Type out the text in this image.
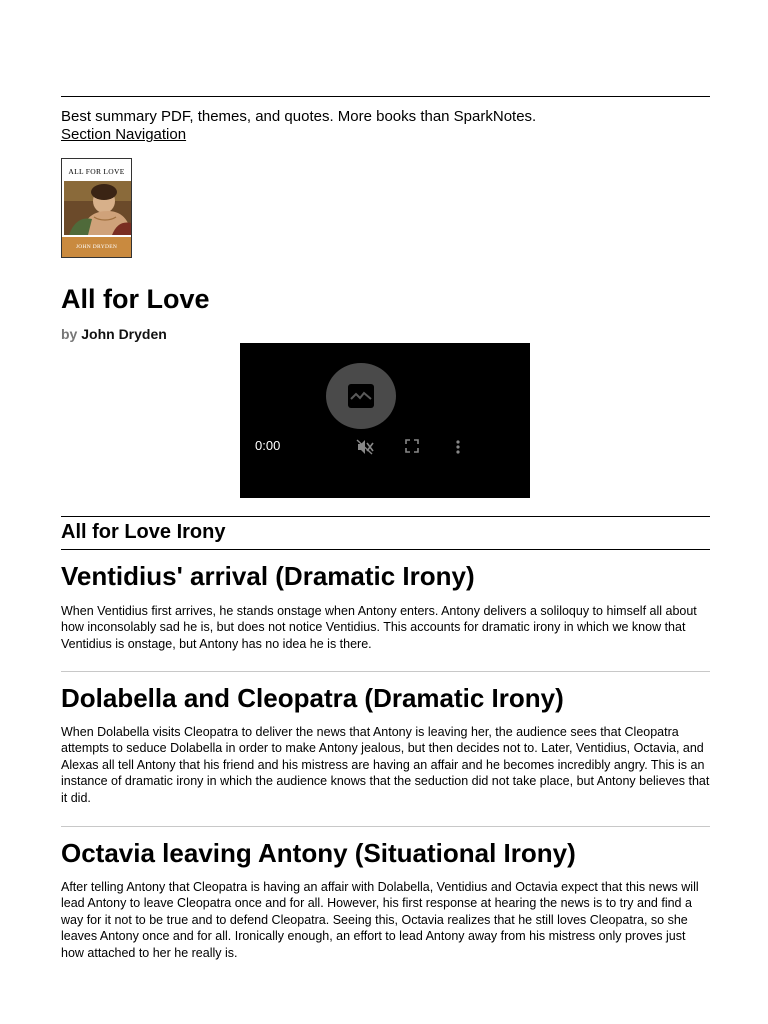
Best summary PDF, themes, and quotes. More books than SparkNotes.
Section Navigation
ALL FOR LOVE
JOHN DRYDEN
All for Love
by John Dryden
0:00
All for Love Irony
Ventidius' arrival (Dramatic Irony)

When Ventidius first arrives, he stands onstage when Antony enters. Antony delivers a soliloquy to himself all about how inconsolably sad he is, but does not notice Ventidius. This accounts for dramatic irony in which we know that Ventidius is onstage, but Antony has no idea he is there.

Dolabella and Cleopatra (Dramatic Irony)

When Dolabella visits Cleopatra to deliver the news that Antony is leaving her, the audience sees that Cleopatra attempts to seduce Dolabella in order to make Antony jealous, but then decides not to. Later, Ventidius, Octavia, and Alexas all tell Antony that his friend and his mistress are having an affair and he becomes incredibly angry. This is an instance of dramatic irony in which the audience knows that the seduction did not take place, but Antony believes that it did.

Octavia leaving Antony (Situational Irony)

After telling Antony that Cleopatra is having an affair with Dolabella, Ventidius and Octavia expect that this news will lead Antony to leave Cleopatra once and for all. However, his first response at hearing the news is to try and find a way for it not to be true and to defend Cleopatra. Seeing this, Octavia realizes that he still loves Cleopatra, so she leaves Antony once and for all. Ironically enough, an effort to lead Antony away from his mistress only proves just how attached to her he really is.
